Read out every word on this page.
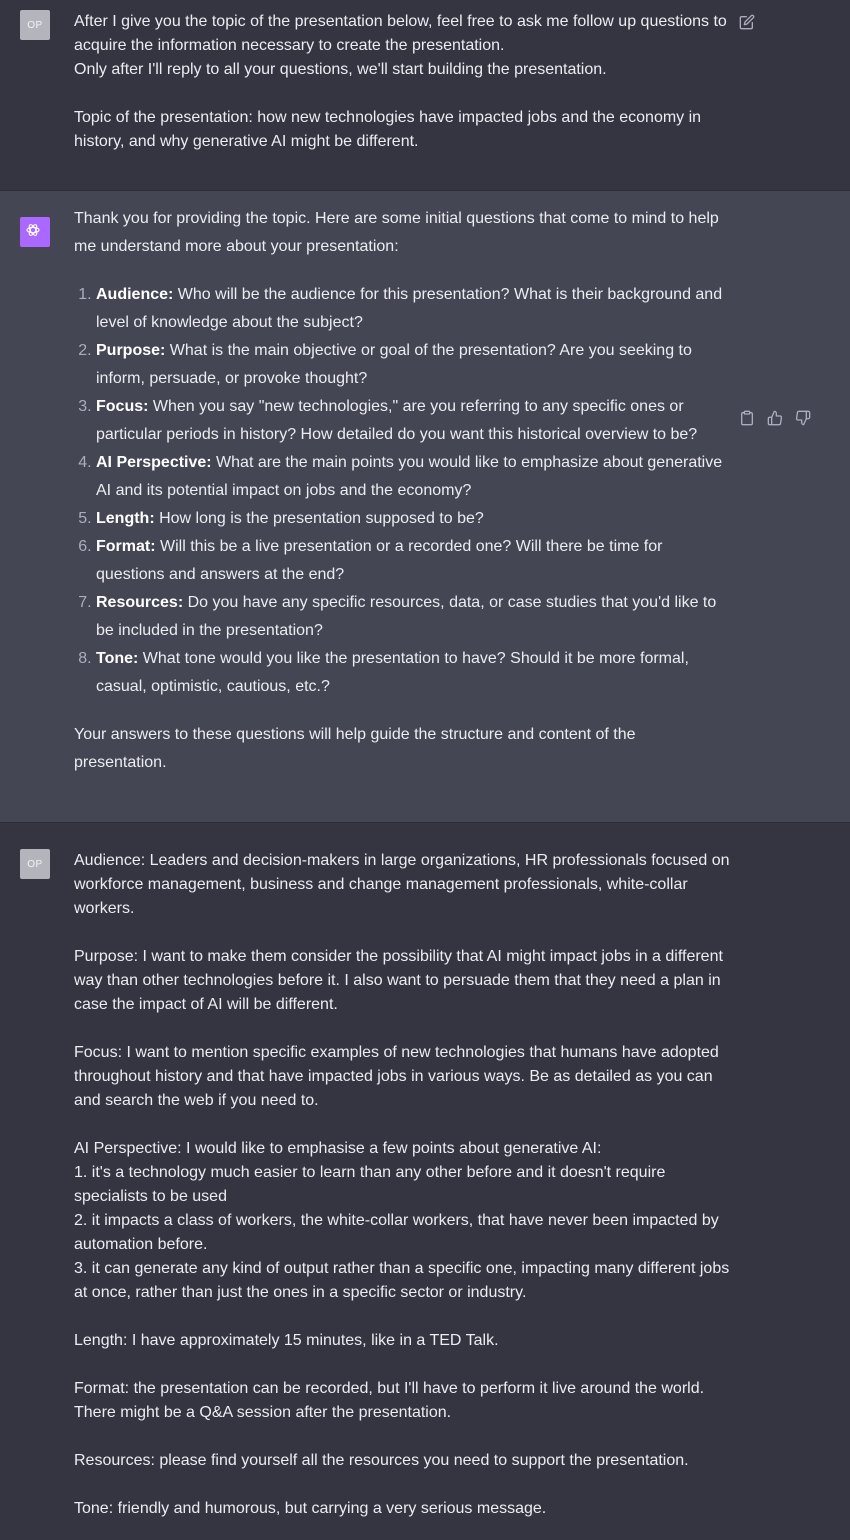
OP	After I give you the topic of the presentation below, feel free to ask me follow up questions to acquire the information necessary to create the presentation.
Only after I'll reply to all your questions, we'll start building the presentation.

Topic of the presentation: how new technologies have impacted jobs and the economy in history, and why generative AI might be different.

Thank you for providing the topic. Here are some initial questions that come to mind to help me understand more about your presentation:

1. Audience: Who will be the audience for this presentation? What is their background and level of knowledge about the subject?
2. Purpose: What is the main objective or goal of the presentation? Are you seeking to inform, persuade, or provoke thought?
3. Focus: When you say "new technologies," are you referring to any specific ones or particular periods in history? How detailed do you want this historical overview to be?
4. AI Perspective: What are the main points you would like to emphasize about generative AI and its potential impact on jobs and the economy?
5. Length: How long is the presentation supposed to be?
6. Format: Will this be a live presentation or a recorded one? Will there be time for questions and answers at the end?
7. Resources: Do you have any specific resources, data, or case studies that you'd like to be included in the presentation?
8. Tone: What tone would you like the presentation to have? Should it be more formal, casual, optimistic, cautious, etc.?

Your answers to these questions will help guide the structure and content of the presentation.

OP	Audience: Leaders and decision-makers in large organizations, HR professionals focused on workforce management, business and change management professionals, white-collar workers.

Purpose: I want to make them consider the possibility that AI might impact jobs in a different way than other technologies before it. I also want to persuade them that they need a plan in case the impact of AI will be different.

Focus: I want to mention specific examples of new technologies that humans have adopted throughout history and that have impacted jobs in various ways. Be as detailed as you can and search the web if you need to.

AI Perspective: I would like to emphasise a few points about generative AI:
1. it's a technology much easier to learn than any other before and it doesn't require specialists to be used
2. it impacts a class of workers, the white-collar workers, that have never been impacted by automation before.
3. it can generate any kind of output rather than a specific one, impacting many different jobs at once, rather than just the ones in a specific sector or industry.

Length: I have approximately 15 minutes, like in a TED Talk.

Format: the presentation can be recorded, but I'll have to perform it live around the world. There might be a Q&A session after the presentation.

Resources: please find yourself all the resources you need to support the presentation.

Tone: friendly and humorous, but carrying a very serious message.
